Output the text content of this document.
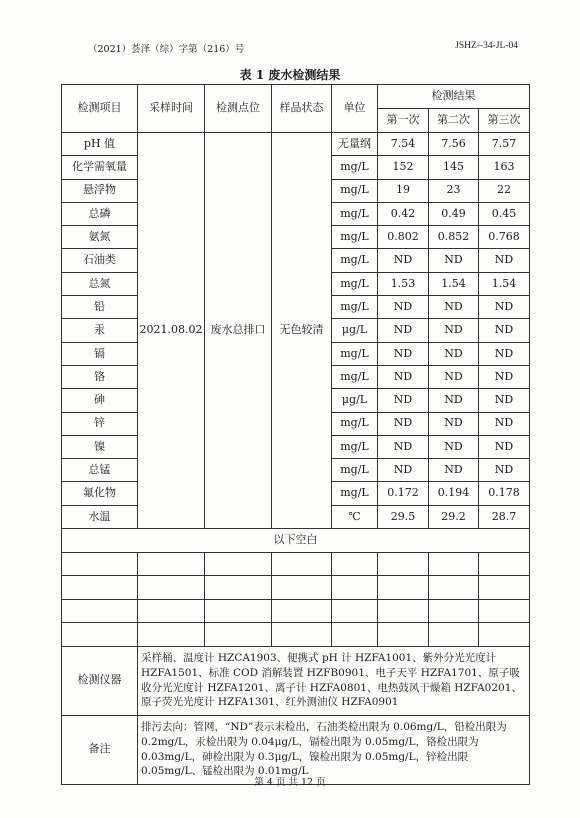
（2021）荟泽（综）字第（216）号	JSHZ--34-JL-04
表 1 废水检测结果
检测项目	采样时间	检测点位	样品状态	单位	检测结果		
					第一次	第二次	第三次
pH 值	2021.08.02	废水总排口	无色较清	无量纲	7.54	7.56	7.57
化学需氧量				mg/L	152	145	163
悬浮物				mg/L	19	23	22
总磷				mg/L	0.42	0.49	0.45
氨氮				mg/L	0.802	0.852	0.768
石油类				mg/L	ND	ND	ND
总氮				mg/L	1.53	1.54	1.54
铅				mg/L	ND	ND	ND
汞				μg/L	ND	ND	ND
镉				mg/L	ND	ND	ND
铬				mg/L	ND	ND	ND
砷				μg/L	ND	ND	ND
锌				mg/L	ND	ND	ND
镍				mg/L	ND	ND	ND
总锰				mg/L	ND	ND	ND
氟化物				mg/L	0.172	0.194	0.178
水温				℃	29.5	29.2	28.7
以下空白							

检测仪器	采样桶、温度计 HZCA1903、便携式 pH 计 HZFA1001、紫外分光光度计 HZFA1501、标准 COD 消解装置 HZFB0901、电子天平 HZFA1701、原子吸收分光光度计 HZFA1201、离子计 HZFA0801、电热鼓风干燥箱 HZFA0201、原子荧光光度计 HZFA1301、红外测油仪 HZFA0901						
备注	排污去向：管网，“ND”表示未检出，石油类检出限为 0.06mg/L，铅检出限为 0.2mg/L，汞检出限为 0.04μg/L，镉检出限为 0.05mg/L，铬检出限为 0.03mg/L，砷检出限为 0.3μg/L，镍检出限为 0.05mg/L，锌检出限 0.05mg/L、锰检出限为 0.01mg/L						
第 4 页 共 12 页
